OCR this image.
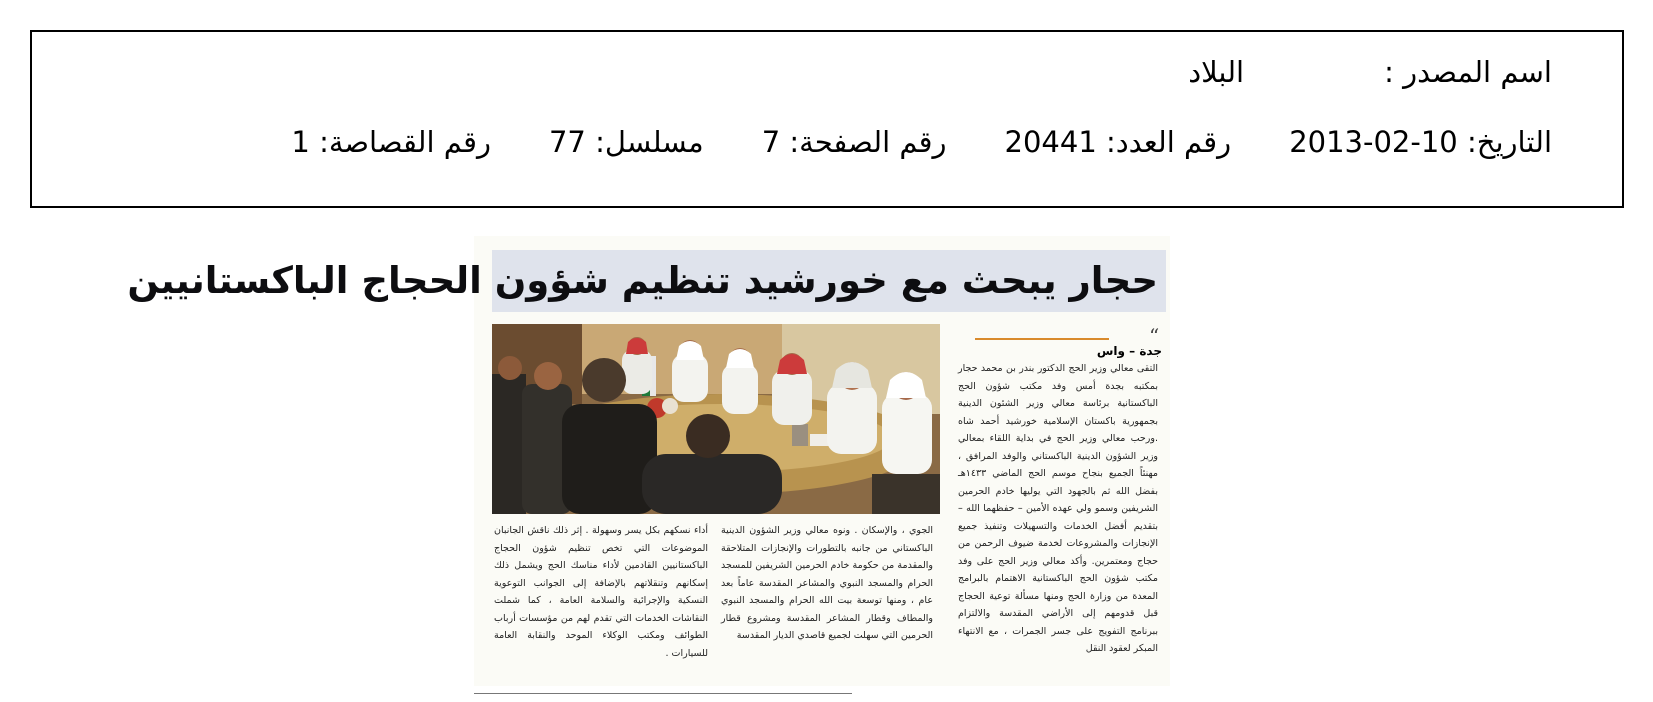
اسم المصدر :البلاد
التاريخ: 2013-02-10رقم العدد: 20441رقم الصفحة: 7مسلسل: 77رقم القصاصة: 1
حجار يبحث مع خورشيد تنظيم شؤون الحجاج الباكستانيين
“
جدة – واس
التقى معالي وزير الحج الدكتور بندر بن محمد حجار بمكتبه بجدة أمس وفد مكتب شؤون الحج الباكستانية برئاسة معالي وزير الشئون الدينية بجمهورية باكستان الإسلامية خورشيد أحمد شاه .ورحب معالي وزير الحج في بداية اللقاء بمعالي وزير الشؤون الدينية الباكستاني والوفد المرافق ، مهنئاً الجميع بنجاح موسم الحج الماضي ١٤٣٣هـ بفضل الله ثم بالجهود التي يوليها خادم الحرمين الشريفين وسمو ولي عهده الأمين – حفظهما الله – بتقديم أفضل الخدمات والتسهيلات وتنفيذ جميع الإنجازات والمشروعات لخدمة ضيوف الرحمن من حجاج ومعتمرين. وأكد معالي وزير الحج على وفد مكتب شؤون الحج الباكستانية الاهتمام بالبرامج المعدة من وزارة الحج ومنها مسألة توعية الحجاج قبل قدومهم إلى الأراضي المقدسة والالتزام ببرنامج التفويج على جسر الجمرات ، مع الانتهاء المبكر لعقود النقل
الجوي ، والإسكان . ونوه معالي وزير الشؤون الدينية الباكستاني من جانبه بالتطورات والإنجازات المتلاحقة والمقدمة من حكومة خادم الحرمين الشريفين للمسجد الحرام والمسجد النبوي والمشاعر المقدسة عاماً بعد عام ، ومنها توسعة بيت الله الحرام والمسجد النبوي والمطاف وقطار المشاعر المقدسة ومشروع قطار الحرمين التي سهلت لجميع قاصدي الديار المقدسة
أداء نسكهم بكل يسر وسهولة . إثر ذلك ناقش الجانبان الموضوعات التي تخص تنظيم شؤون الحجاج الباكستانيين القادمين لأداء مناسك الحج ويشمل ذلك إسكانهم وتنقلاتهم بالإضافة إلى الجوانب التوعوية النسكية والإجرائية والسلامة العامة ، كما شملت النقاشات الخدمات التي تقدم لهم من مؤسسات أرباب الطوائف ومكتب الوكلاء الموحد والنقابة العامة للسيارات .
